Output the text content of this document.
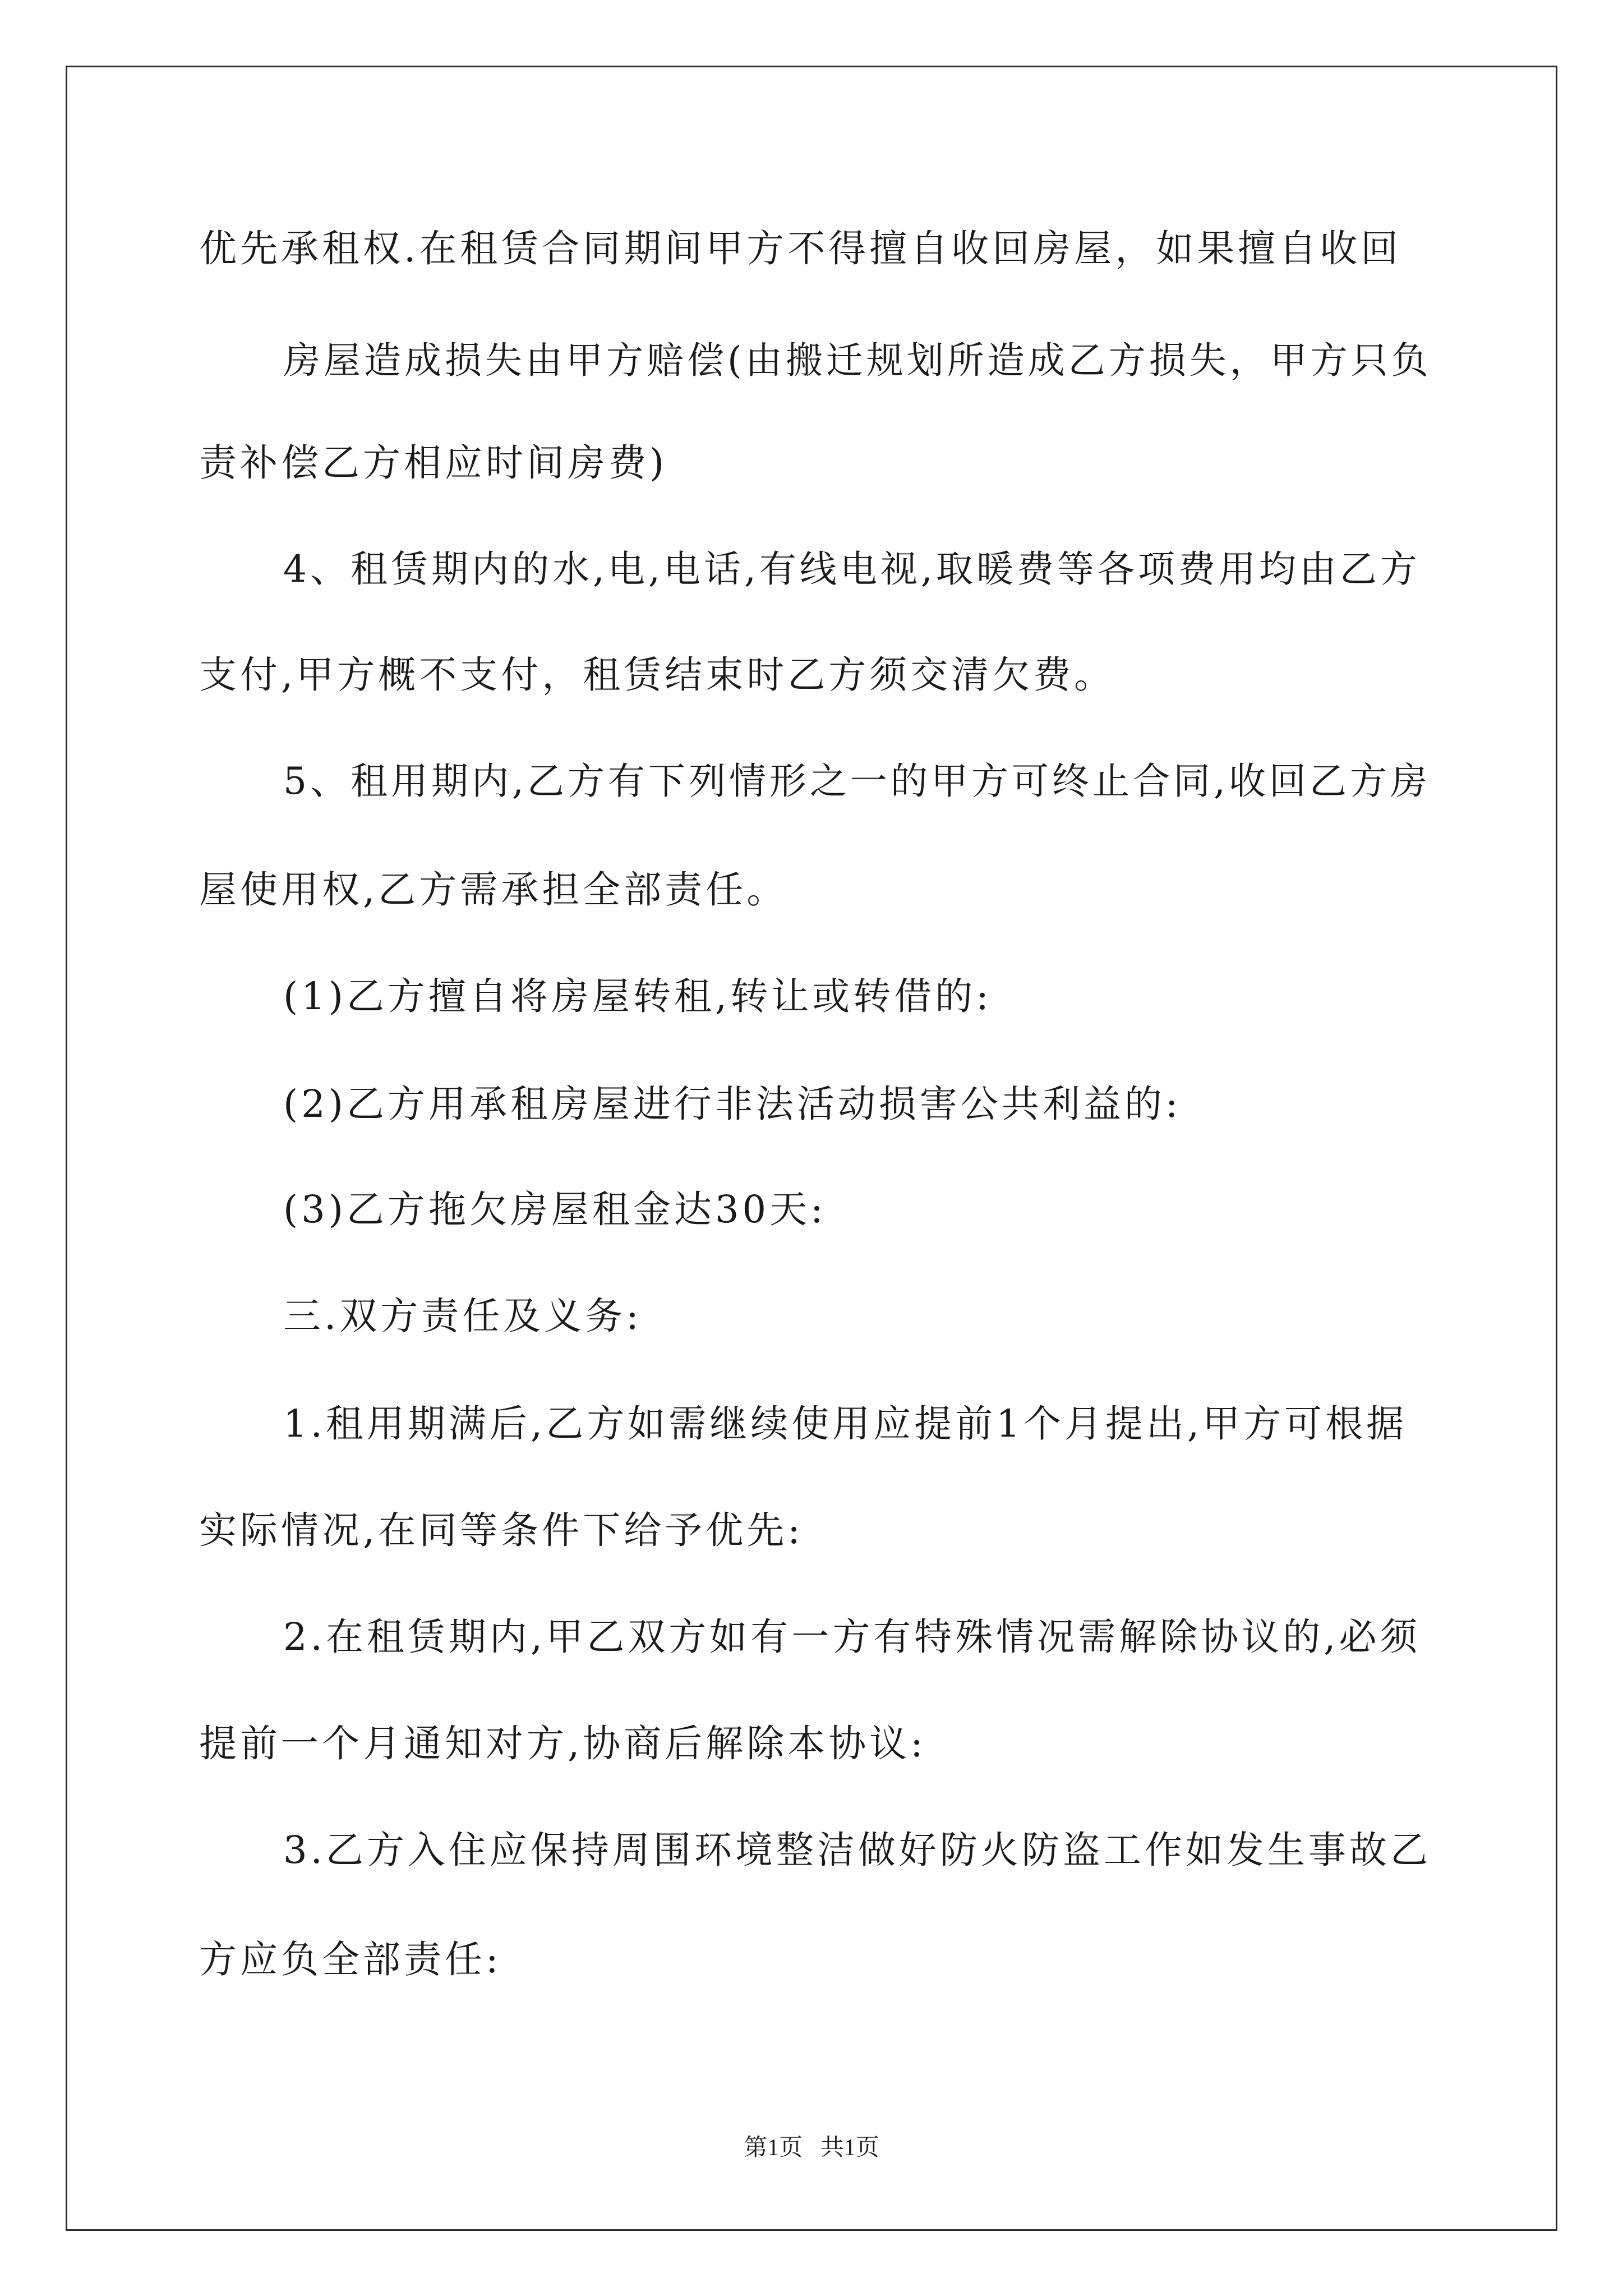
优先承租权.在租赁合同期间甲方不得擅自收回房屋，如果擅自收回
房屋造成损失由甲方赔偿(由搬迁规划所造成乙方损失，甲方只负
责补偿乙方相应时间房费)
4、租赁期内的水,电,电话,有线电视,取暖费等各项费用均由乙方
支付,甲方概不支付，租赁结束时乙方须交清欠费。
5、租用期内,乙方有下列情形之一的甲方可终止合同,收回乙方房
屋使用权,乙方需承担全部责任。
(1)乙方擅自将房屋转租,转让或转借的:
(2)乙方用承租房屋进行非法活动损害公共利益的:
(3)乙方拖欠房屋租金达30天:
三.双方责任及义务:
1.租用期满后,乙方如需继续使用应提前1个月提出,甲方可根据
实际情况,在同等条件下给予优先:
2.在租赁期内,甲乙双方如有一方有特殊情况需解除协议的,必须
提前一个月通知对方,协商后解除本协议:
3.乙方入住应保持周围环境整洁做好防火防盗工作如发生事故乙
方应负全部责任:
第1页   共1页
